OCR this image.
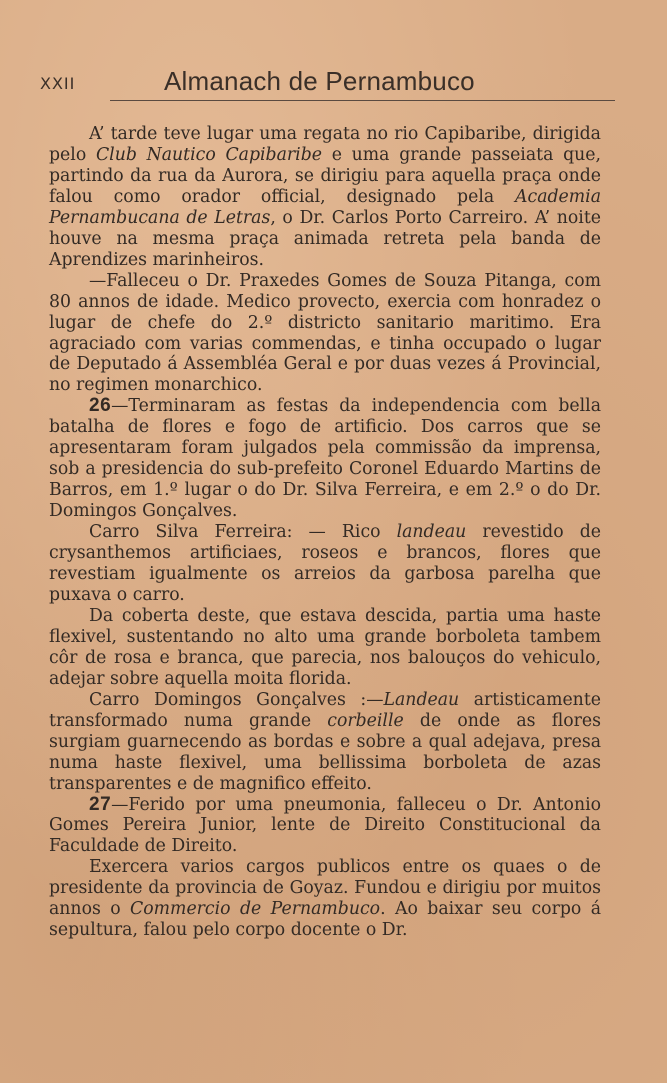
XXII	Almanach de Pernambuco

A’ tarde teve lugar uma regata no rio Capibaribe, dirigida pelo Club Nautico Capibaribe e uma grande passeiata que, partindo da rua da Aurora, se dirigiu para aquella praça onde falou como orador official, designado pela Academia Pernambucana de Letras, o Dr. Carlos Porto Carreiro. A’ noite houve na mesma praça animada retreta pela banda de Aprendizes marinheiros.

—Falleceu o Dr. Praxedes Gomes de Souza Pitanga, com 80 annos de idade. Medico provecto, exercia com honradez o lugar de chefe do 2.º districto sanitario maritimo. Era agraciado com varias commendas, e tinha occupado o lugar de Deputado á Assembléa Geral e por duas vezes á Provincial, no regimen monarchico.

26—Terminaram as festas da independencia com bella batalha de flores e fogo de artificio. Dos carros que se apresentaram foram julgados pela commissão da imprensa, sob a presidencia do sub-prefeito Coronel Eduardo Martins de Barros, em 1.º lugar o do Dr. Silva Ferreira, e em 2.º o do Dr. Domingos Gonçalves.

Carro Silva Ferreira: — Rico landeau revestido de crysanthemos artificiaes, roseos e brancos, flores que revestiam igualmente os arreios da garbosa parelha que puxava o carro.

Da coberta deste, que estava descida, partia uma haste flexivel, sustentando no alto uma grande borboleta tambem côr de rosa e branca, que parecia, nos balouços do vehiculo, adejar sobre aquella moita florida.

Carro Domingos Gonçalves :—Landeau artisticamente transformado numa grande corbeille de onde as flores surgiam guarnecendo as bordas e sobre a qual adejava, presa numa haste flexivel, uma bellissima borboleta de azas transparentes e de magnifico effeito.

27—Ferido por uma pneumonia, falleceu o Dr. Antonio Gomes Pereira Junior, lente de Direito Constitucional da Faculdade de Direito.

Exercera varios cargos publicos entre os quaes o de presidente da provincia de Goyaz. Fundou e dirigiu por muitos annos o Commercio de Pernambuco. Ao baixar seu corpo á sepultura, falou pelo corpo docente o Dr.
